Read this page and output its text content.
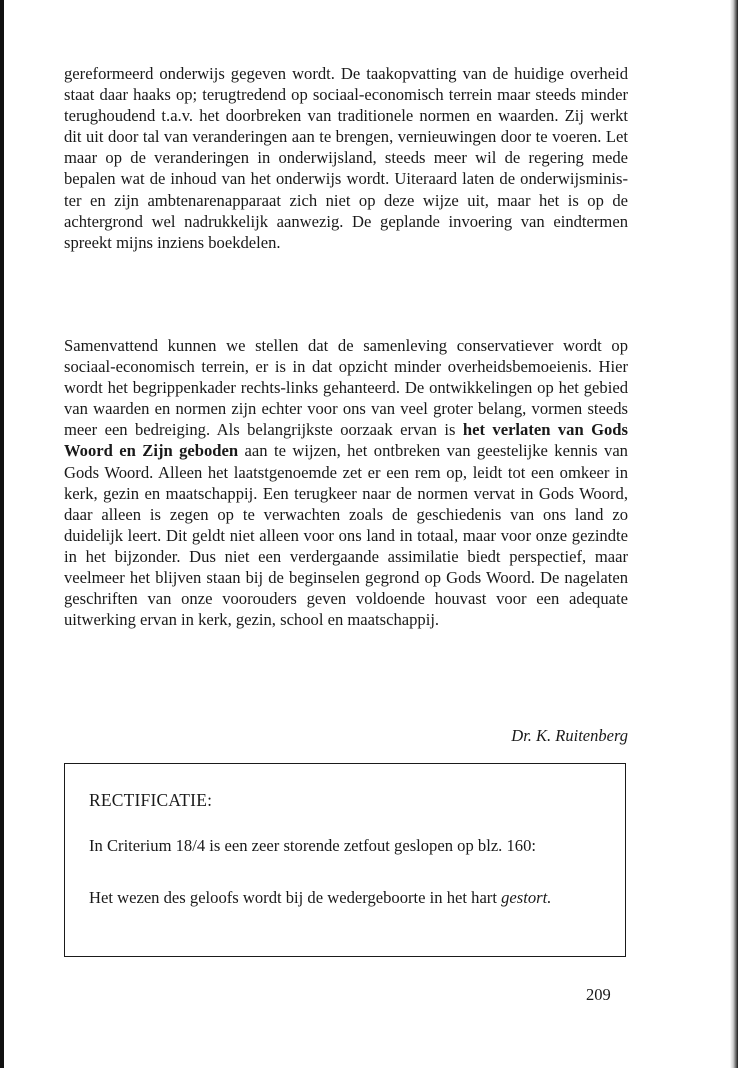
gereformeerd onderwijs gegeven wordt. De taakopvatting van de huidige overheid staat daar haaks op; terugtredend op sociaal-economisch terrein maar steeds minder terughoudend t.a.v. het doorbreken van traditionele normen en waarden. Zij werkt dit uit door tal van veranderingen aan te brengen, vernieuwingen door te voeren. Let maar op de veranderingen in onderwijsland, steeds meer wil de regering mede bepalen wat de inhoud van het onderwijs wordt. Uiteraard laten de onderwijsminis-ter en zijn ambtenarenapparaat zich niet op deze wijze uit, maar het is op de achtergrond wel nadrukkelijk aanwezig. De geplande invoering van eindtermen spreekt mijns inziens boekdelen.
Samenvattend kunnen we stellen dat de samenleving conservatiever wordt op sociaal-economisch terrein, er is in dat opzicht minder overheidsbemoeienis. Hier wordt het begrippenkader rechts-links gehanteerd. De ontwikkelingen op het gebied van waarden en normen zijn echter voor ons van veel groter belang, vormen steeds meer een bedreiging. Als belangrijkste oorzaak ervan is het verlaten van Gods Woord en Zijn geboden aan te wijzen, het ontbreken van geestelijke kennis van Gods Woord. Alleen het laatstgenoemde zet er een rem op, leidt tot een omkeer in kerk, gezin en maatschappij. Een terugkeer naar de normen vervat in Gods Woord, daar alleen is zegen op te verwachten zoals de geschiedenis van ons land zo duidelijk leert. Dit geldt niet alleen voor ons land in totaal, maar voor onze gezindte in het bijzonder. Dus niet een verdergaande assimilatie biedt perspectief, maar veelmeer het blijven staan bij de beginselen gegrond op Gods Woord. De nagelaten geschriften van onze voorouders geven voldoende houvast voor een adequate uitwerking ervan in kerk, gezin, school en maatschappij.
Dr. K. Ruitenberg
RECTIFICATIE:
In Criterium 18/4 is een zeer storende zetfout geslopen op blz. 160:
Het wezen des geloofs wordt bij de wedergeboorte in het hart gestort.
209
